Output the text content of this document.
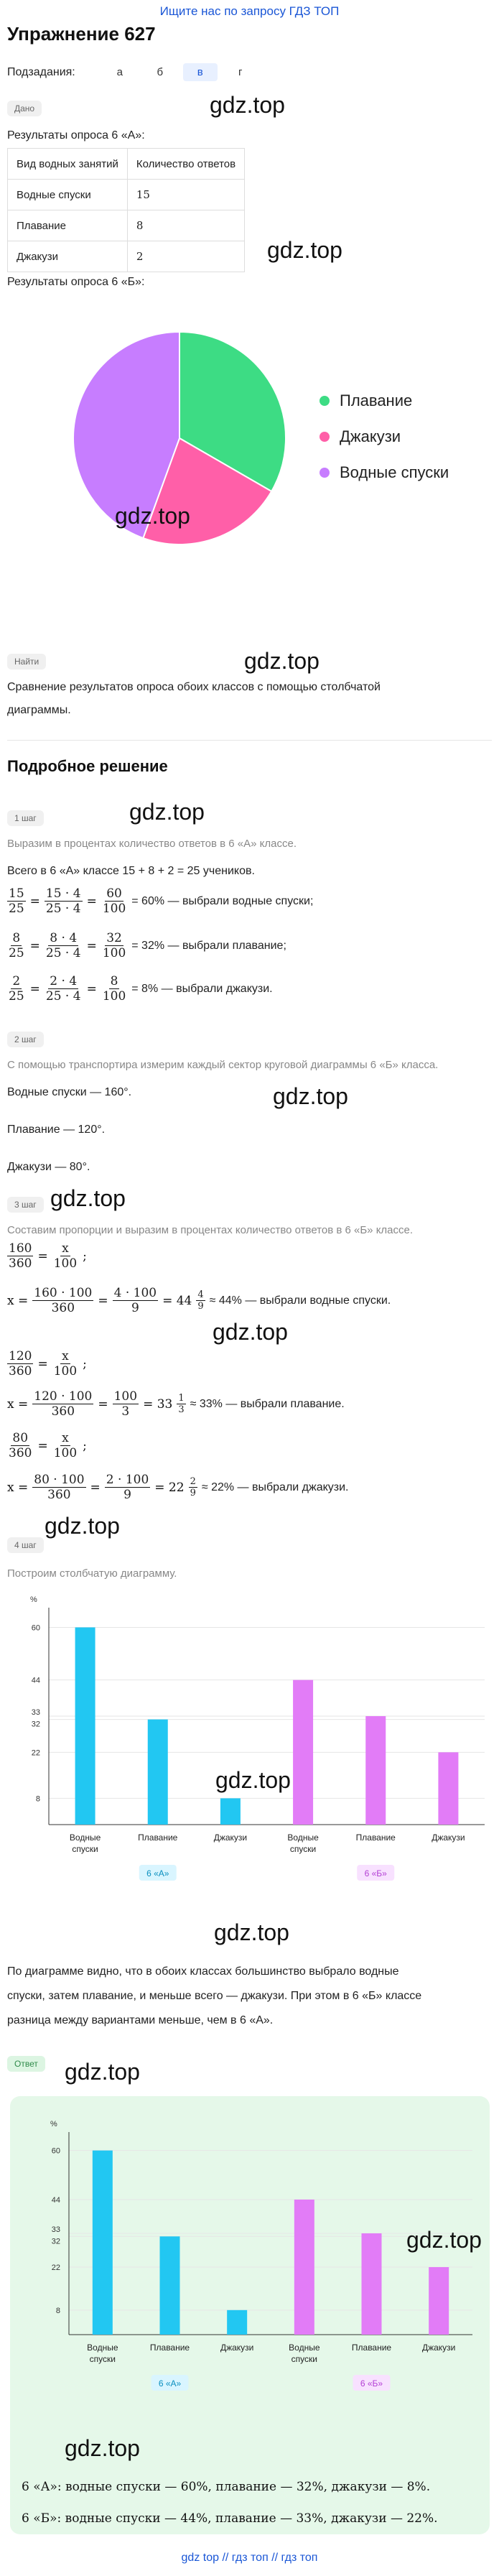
Ищите нас по запросу ГДЗ ТОП
Упражнение 627
Подзадания:	а	б	в	г
Дано	gdz.top
Результаты опроса 6 «А»:
Вид водных занятий	Количество ответов
Водные спуски	15
Плавание	8
Джакузи	2	gdz.top
Результаты опроса 6 «Б»:
Плавание
Джакузи
Водные спуски
gdz.top
gdz.top
Найти
Сравнение результатов опроса обоих классов с помощью столбчатой
диаграммы.
Подробное решение
gdz.top
1 шаг
Выразим в процентах количество ответов в 6 «А» классе.
Всего в 6 «А» классе 15 + 8 + 2 = 25 учеников.
$\frac{15}{25} = \frac{15 \cdot 4}{25 \cdot 4} = \frac{60}{100} = 60\%$ — выбрали водные спуски;
$\frac{8}{25} = \frac{8 \cdot 4}{25 \cdot 4} = \frac{32}{100} = 32\%$ — выбрали плавание;
$\frac{2}{25} = \frac{2 \cdot 4}{25 \cdot 4} = \frac{8}{100} = 8\%$ — выбрали джакузи.
2 шаг
С помощью транспортира измерим каждый сектор круговой диаграммы 6 «Б» класса.
gdz.top
Водные спуски — 160°.
Плавание — 120°.
Джакузи — 80°.
3 шаг gdz.top
Составим пропорции и выразим в процентах количество ответов в 6 «Б» классе.
$\frac{160}{360} = \frac{x}{100}$ ;
$x = \frac{160 \cdot 100}{360} = \frac{4 \cdot 100}{9} = 44 \frac{4}{9} \approx 44\%$ — выбрали водные спуски.
gdz.top
$\frac{120}{360} = \frac{x}{100}$ ;
$x = \frac{120 \cdot 100}{360} = \frac{100}{3} = 33 \frac{1}{3} \approx 33\%$ — выбрали плавание.
$\frac{80}{360} = \frac{x}{100}$ ;
$x = \frac{80 \cdot 100}{360} = \frac{2 \cdot 100}{9} = 22 \frac{2}{9} \approx 22\%$ — выбрали джакузи.
gdz.top
4 шаг
Построим столбчатую диаграмму.
%
8
22
32
33
44
60
Водные
спуски
Плавание	Джакузи	Водные
спуски
Плавание	Джакузи
6 «А»	6 «Б»
gdz.top
gdz.top
По диаграмме видно, что в обоих классах большинство выбрало водные
спуски, затем плавание, и меньше всего — джакузи. При этом в 6 «Б» классе
разница между вариантами меньше, чем в 6 «А».
Ответ	gdz.top
%
8
22
32
33
44
60
Водные
спуски
Плавание	Джакузи	Водные
спуски
Плавание	Джакузи
6 «А»	6 «Б»
gdz.top
gdz.top
6 «А»: водные спуски — 60%, плавание — 32%, джакузи — 8%.
6 «Б»: водные спуски — 44%, плавание — 33%, джакузи — 22%.
gdz top // гдз топ // гдз топ
